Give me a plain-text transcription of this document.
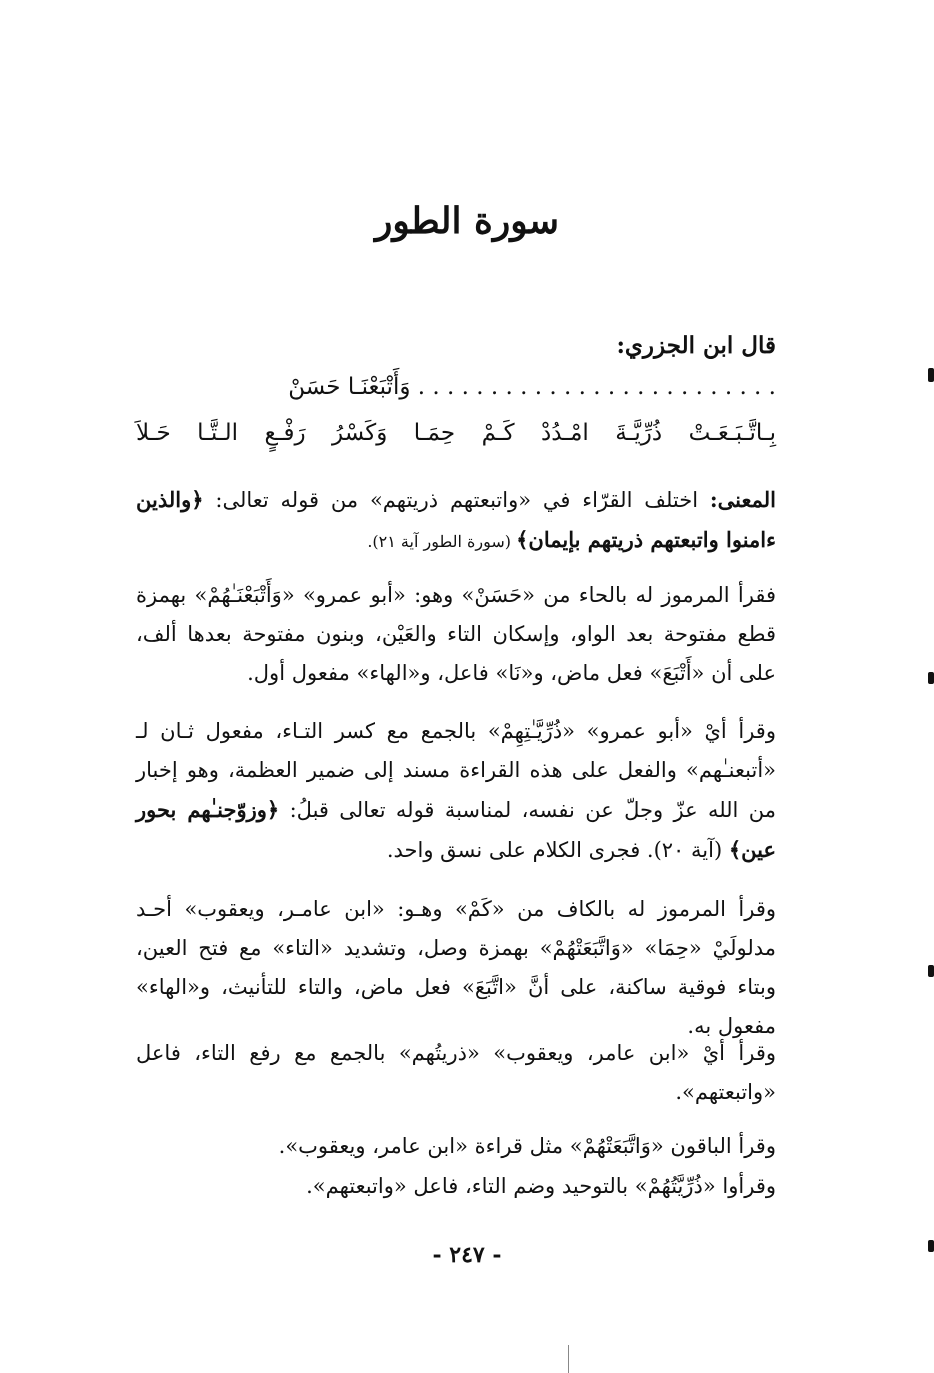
سورة الطور
قال ابن الجزري:
. . . . . . . . . . . . . . . . . . . . . . . . . وَأَتْبَعْنَـا حَسَنْ
بِـاتَّـبَـعَـتْ ذُرِّيَّـةَ امْـدُدْ كَـمْ حِمَـا وَكَسْرُ رَفْـعٍ الـتَّـا حَـلاَ
المعنى: اختلف القرّاء في «واتبعتهم ذريتهم» من قوله تعالى: ﴿والذين ءامنوا واتبعتهم ذريتهم بإيمان﴾ (سورة الطور آية ٢١).
فقرأ المرموز له بالحاء من «حَسَنْ» وهو: «أبو عمرو» «وَأَتْبَعْنَـٰهُمْ» بهمزة قطع مفتوحة بعد الواو، وإسكان التاء والعَيْن، وبنون مفتوحة بعدها ألف، على أن «أَتْبَعَ» فعل ماض، و«نَا» فاعل، و«الهاء» مفعول أول.
وقرأ أيْ «أبو عمرو» «ذُرِّيَّـٰتِهِمْ» بالجمع مع كسر التـاء، مفعول ثـان لـ «أتبعنـٰهم» والفعل على هذه القراءة مسند إلى ضمير العظمة، وهو إخبار من الله عزّ وجلّ عن نفسه، لمناسبة قوله تعالى قبلُ: ﴿وزوّجنـٰهم بحور عين﴾ (آية ٢٠). فجرى الكلام على نسق واحد.
وقرأ المرموز له بالكاف من «كَمْ» وهـو: «ابن عامـر، ويعقوب» أحـد مدلولَيْ «حِمَا» «وَاتَّبَعَتْهُمْ» بهمزة وصل، وتشديد «التاء» مع فتح العين، وبتاء فوقية ساكنة، على أنَّ «اتَّبَعَ» فعل ماض، والتاء للتأنيث، و«الهاء» مفعول به.
وقرأ أيْ «ابن عامر، ويعقوب» «ذريتُهم» بالجمع مع رفع التاء، فاعل «واتبعتهم».
وقرأ الباقون «وَاتَّبَعَتْهُمْ» مثل قراءة «ابن عامر، ويعقوب».
وقرأوا «ذُرِّيَّتُهُمْ» بالتوحيد وضم التاء، فاعل «واتبعتهم».
- ٢٤٧ -
